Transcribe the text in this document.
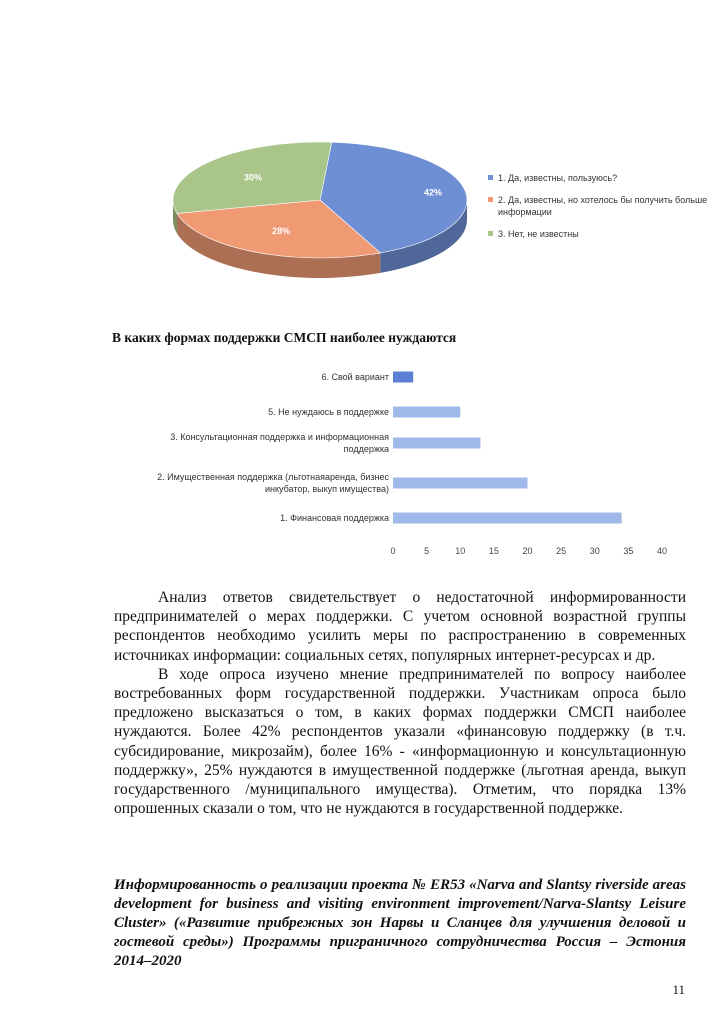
42%
28%
30%	1. Да, известны, пользуюсь?
2. Да, известны, но хотелось бы получить больше информации
3. Нет, не известны
В каких формах поддержки СМСП наиболее нуждаются
1. Финансовая поддержка
2. Имущественная поддержка (льготнаяаренда, бизнес
инкубатор, выкуп имущества)
3. Консультационная поддержка и информационная
поддержка
5. Не нуждаюсь в поддержке
6. Свой вариант
0	5	10	15	20	25	30	35	40

Анализ ответов свидетельствует о недостаточной информированности предпринимателей о мерах поддержки. С учетом основной возрастной группы респондентов необходимо усилить меры по распространению в современных источниках информации: социальных сетях, популярных интернет-ресурсах и др.

В ходе опроса изучено мнение предпринимателей по вопросу наиболее востребованных форм государственной поддержки. Участникам опроса было предложено высказаться о том, в каких формах поддержки СМСП наиболее нуждаются. Более 42% респондентов указали «финансовую поддержку (в т.ч. субсидирование, микрозайм), более 16% - «информационную и консультационную поддержку», 25% нуждаются в имущественной поддержке (льготная аренда, выкуп государственного /муниципального имущества). Отметим, что порядка 13% опрошенных сказали о том, что не нуждаются в государственной поддержке.

Информированность о реализации проекта № ER53 «Narva and Slantsy riverside areas development for business and visiting environment improvement/Narva-Slantsy Leisure Cluster» («Развитие прибрежных зон Нарвы и Сланцев для улучшения деловой и гостевой среды») Программы приграничного сотрудничества Россия – Эстония 2014–2020
11
